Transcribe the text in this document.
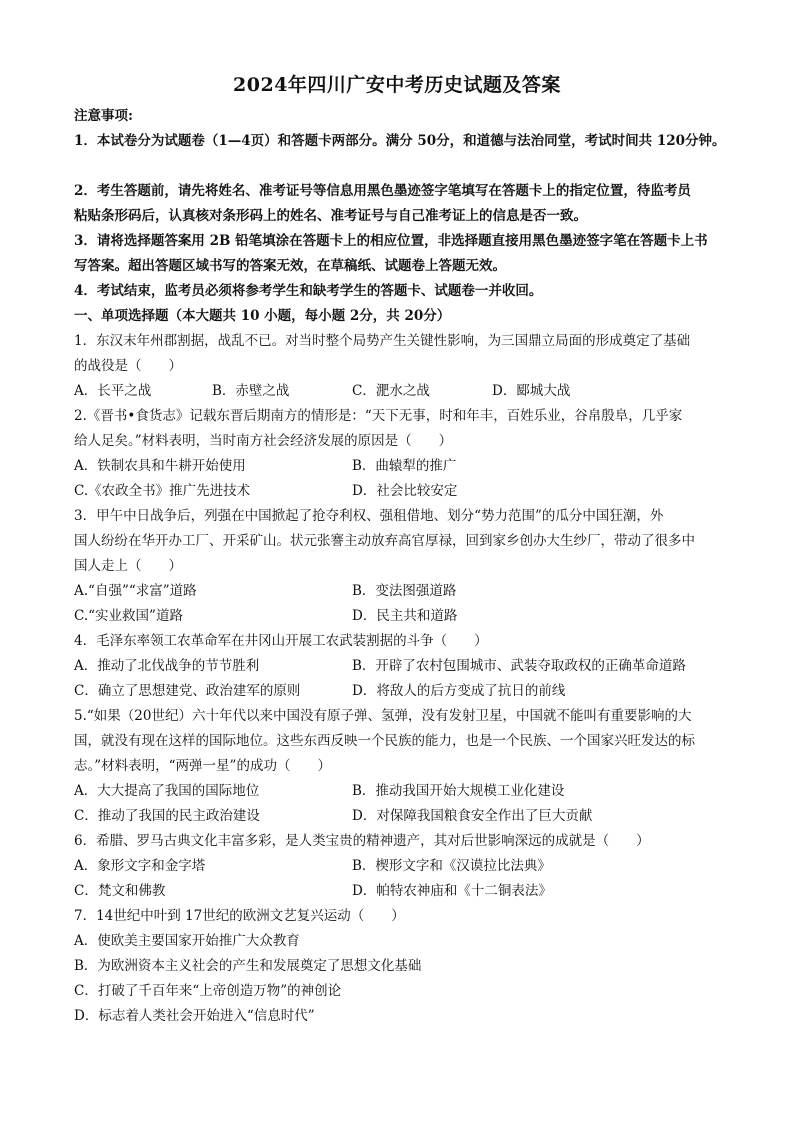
2024年四川广安中考历史试题及答案
注意事项:
1．本试卷分为试题卷（1—4页）和答题卡两部分。满分 50分，和道德与法治同堂，考试时间共 120分钟。
2．考生答题前，请先将姓名、准考证号等信息用黑色墨迹签字笔填写在答题卡上的指定位置，待监考员
粘贴条形码后，认真核对条形码上的姓名、准考证号与自己准考证上的信息是否一致。
3．请将选择题答案用 2B 铅笔填涂在答题卡上的相应位置，非选择题直接用黑色墨迹签字笔在答题卡上书
写答案。超出答题区域书写的答案无效，在草稿纸、试题卷上答题无效。
4．考试结束，监考员必须将参考学生和缺考学生的答题卡、试题卷一并收回。
一、单项选择题（本大题共 10 小题，每小题 2分，共 20分）
1．东汉末年州郡割据，战乱不已。对当时整个局势产生关键性影响，为三国鼎立局面的形成奠定了基础
的战役是（　　）
A．长平之战	B．赤壁之战	C．淝水之战	D．郾城大战
2.《晋书•食货志》记载东晋后期南方的情形是：“天下无事，时和年丰，百姓乐业，谷帛殷阜，几乎家
给人足矣。”材料表明，当时南方社会经济发展的原因是（　　）
A．铁制农具和牛耕开始使用	B．曲辕犁的推广
C.《农政全书》推广先进技术	D．社会比较安定
3．甲午中日战争后，列强在中国掀起了抢夺利权、强租借地、划分“势力范围”的瓜分中国狂潮，外
国人纷纷在华开办工厂、开采矿山。状元张謇主动放弃高官厚禄，回到家乡创办大生纱厂，带动了很多中
国人走上（　　）
A.“自强”“求富”道路	B．变法图强道路
C.“实业救国”道路	D．民主共和道路
4．毛泽东率领工农革命军在井冈山开展工农武装割据的斗争（　　）
A．推动了北伐战争的节节胜利	B．开辟了农村包围城市、武装夺取政权的正确革命道路
C．确立了思想建党、政治建军的原则	D．将敌人的后方变成了抗日的前线
5.“如果（20世纪）六十年代以来中国没有原子弹、氢弹，没有发射卫星，中国就不能叫有重要影响的大
国，就没有现在这样的国际地位。这些东西反映一个民族的能力，也是一个民族、一个国家兴旺发达的标
志。”材料表明，“两弹一星”的成功（　　）
A．大大提高了我国的国际地位	B．推动我国开始大规模工业化建设
C．推动了我国的民主政治建设	D．对保障我国粮食安全作出了巨大贡献
6．希腊、罗马古典文化丰富多彩，是人类宝贵的精神遗产，其对后世影响深远的成就是（　　）
A．象形文字和金字塔	B．楔形文字和《汉谟拉比法典》
C．梵文和佛教	D．帕特农神庙和《十二铜表法》
7．14世纪中叶到 17世纪的欧洲文艺复兴运动（　　）
A．使欧美主要国家开始推广大众教育
B．为欧洲资本主义社会的产生和发展奠定了思想文化基础
C．打破了千百年来“上帝创造万物”的神创论
D．标志着人类社会开始进入“信息时代”
